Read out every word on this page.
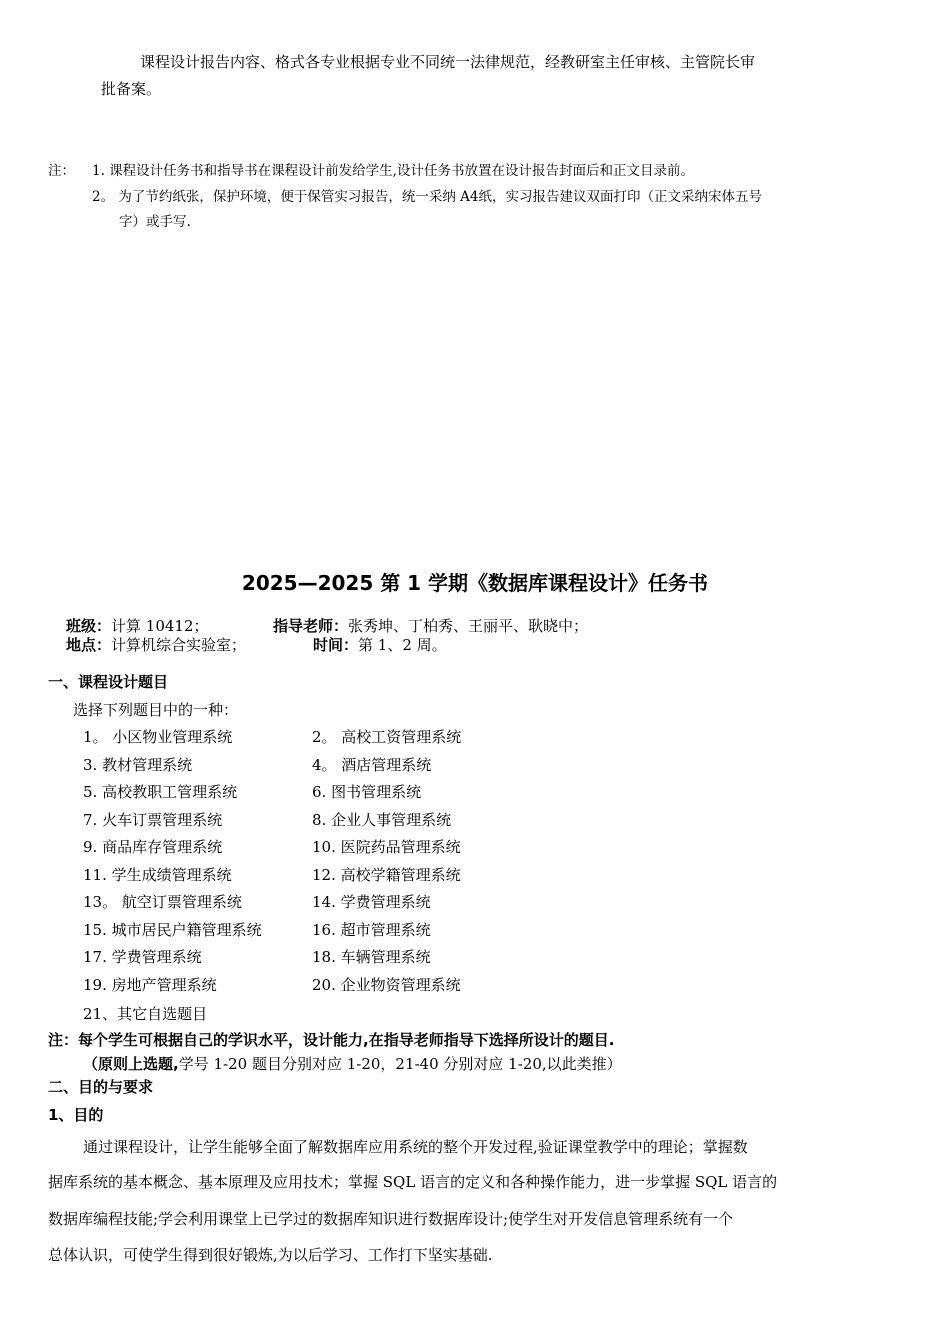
课程设计报告内容、格式各专业根据专业不同统一法律规范，经教研室主任审核、主管院长审
批备案。
注： 1. 课程设计任务书和指导书在课程设计前发给学生,设计任务书放置在设计报告封面后和正文目录前。
2。 为了节约纸张，保护环境，便于保管实习报告，统一采纳 A4纸，实习报告建议双面打印（正文采纳宋体五号
字）或手写.
2025—2025 第 1 学期《数据库课程设计》任务书
班级：计算 10412；	指导老师：张秀坤、丁柏秀、王丽平、耿晓中；
地点：计算机综合实验室；	时间：第 1、2 周。
一、课程设计题目
选择下列题目中的一种：
1。 小区物业管理系统	2。 高校工资管理系统
3. 教材管理系统	4。 酒店管理系统
5. 高校教职工管理系统	6. 图书管理系统
7. 火车订票管理系统	8. 企业人事管理系统
9. 商品库存管理系统	10. 医院药品管理系统
11. 学生成绩管理系统	12. 高校学籍管理系统
13。 航空订票管理系统	14. 学费管理系统
15. 城市居民户籍管理系统	16. 超市管理系统
17. 学费管理系统	18. 车辆管理系统
19. 房地产管理系统	20. 企业物资管理系统
21、其它自选题目
注：每个学生可根据自己的学识水平，设计能力,在指导老师指导下选择所设计的题目.
（原则上选题,学号 1-20 题目分别对应 1-20，21-40 分别对应 1-20,以此类推）
二、目的与要求
1、目的
通过课程设计，让学生能够全面了解数据库应用系统的整个开发过程,验证课堂教学中的理论；掌握数
据库系统的基本概念、基本原理及应用技术；掌握 SQL 语言的定义和各种操作能力，进一步掌握 SQL 语言的
数据库编程技能;学会利用课堂上已学过的数据库知识进行数据库设计;使学生对开发信息管理系统有一个
总体认识，可使学生得到很好锻炼,为以后学习、工作打下坚实基础.
